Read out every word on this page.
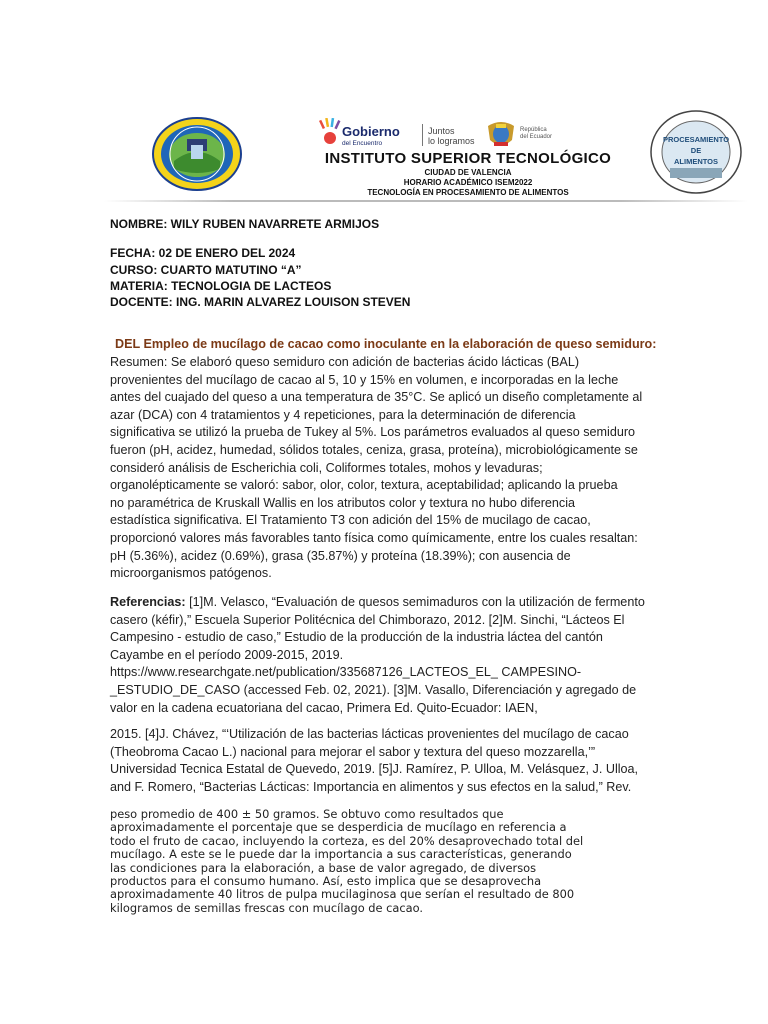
Gobierno
del Encuentro
Juntos
lo logramos
República
del Ecuador
INSTITUTO SUPERIOR TECNOLÓGICO
CIUDAD DE VALENCIA
HORARIO ACADÉMICO ISEM2022
TECNOLOGÍA EN PROCESAMIENTO DE ALIMENTOS
PROCESAMIENTO
DE
ALIMENTOS
NOMBRE: WILY RUBEN NAVARRETE ARMIJOS
FECHA: 02 DE ENERO DEL 2024
CURSO: CUARTO MATUTINO “A”
MATERIA: TECNOLOGIA DE LACTEOS
DOCENTE: ING. MARIN ALVAREZ LOUISON STEVEN
DEL Empleo de mucílago de cacao como inoculante en la elaboración de queso semiduro:
Resumen: Se elaboró queso semiduro con adición de bacterias ácido lácticas (BAL)
provenientes del mucílago de cacao al 5, 10 y 15% en volumen, e incorporadas en la leche
antes del cuajado del queso a una temperatura de 35°C. Se aplicó un diseño completamente al
azar (DCA) con 4 tratamientos y 4 repeticiones, para la determinación de diferencia
significativa se utilizó la prueba de Tukey al 5%. Los parámetros evaluados al queso semiduro
fueron (pH, acidez, humedad, sólidos totales, ceniza, grasa, proteína), microbiológicamente se
consideró análisis de Escherichia coli, Coliformes totales, mohos y levaduras;
organolépticamente se valoró: sabor, olor, color, textura, aceptabilidad; aplicando la prueba
no paramétrica de Kruskall Wallis en los atributos color y textura no hubo diferencia
estadística significativa. El Tratamiento T3 con adición del 15% de mucilago de cacao,
proporcionó valores más favorables tanto física como químicamente, entre los cuales resaltan:
pH (5.36%), acidez (0.69%), grasa (35.87%) y proteína (18.39%); con ausencia de
microorganismos patógenos.
Referencias: [1]M. Velasco, “Evaluación de quesos semimaduros con la utilización de fermento
casero (kéfir),” Escuela Superior Politécnica del Chimborazo, 2012. [2]M. Sinchi, “Lácteos El
Campesino - estudio de caso,” Estudio de la producción de la industria láctea del cantón
Cayambe en el período 2009-2015, 2019.
https://www.researchgate.net/publication/335687126_LACTEOS_EL_ CAMPESINO-
_ESTUDIO_DE_CASO (accessed Feb. 02, 2021). [3]M. Vasallo, Diferenciación y agregado de
valor en la cadena ecuatoriana del cacao, Primera Ed. Quito-Ecuador: IAEN,
2015. [4]J. Chávez, “‘Utilización de las bacterias lácticas provenientes del mucílago de cacao
(Theobroma Cacao L.) nacional para mejorar el sabor y textura del queso mozzarella,’”
Universidad Tecnica Estatal de Quevedo, 2019. [5]J. Ramírez, P. Ulloa, M. Velásquez, J. Ulloa,
and F. Romero, “Bacterias Lácticas: Importancia en alimentos y sus efectos en la salud,” Rev.
peso promedio de 400 ± 50 gramos. Se obtuvo como resultados que
aproximadamente el porcentaje que se desperdicia de mucílago en referencia a
todo el fruto de cacao, incluyendo la corteza, es del 20% desaprovechado total del
mucílago. A este se le puede dar la importancia a sus características, generando
las condiciones para la elaboración, a base de valor agregado, de diversos
productos para el consumo humano. Así, esto implica que se desaprovecha
aproximadamente 40 litros de pulpa mucilaginosa que serían el resultado de 800
kilogramos de semillas frescas con mucílago de cacao.
